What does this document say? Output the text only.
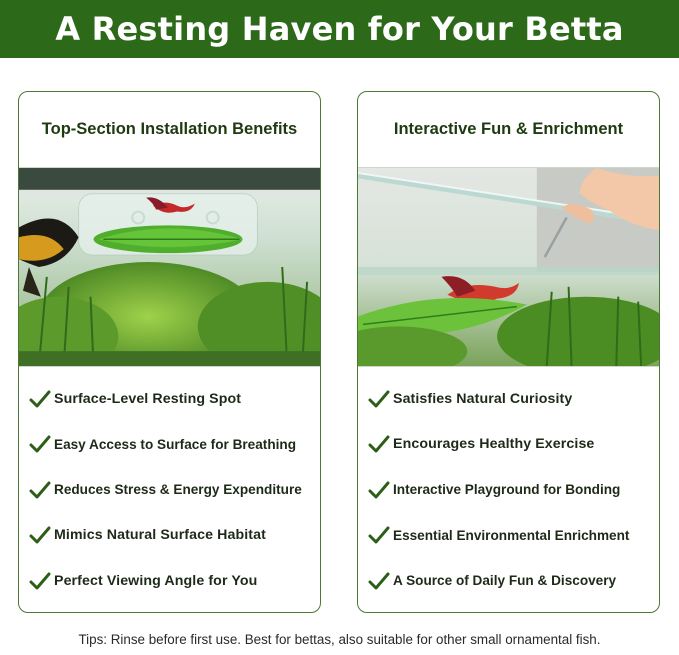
A Resting Haven for Your Betta
Top-Section Installation Benefits
Surface-Level Resting Spot
Easy Access to Surface for Breathing
Reduces Stress & Energy Expenditure
Mimics Natural Surface Habitat
Perfect Viewing Angle for You
Interactive Fun & Enrichment
Satisfies Natural Curiosity
Encourages Healthy Exercise
Interactive Playground for Bonding
Essential Environmental Enrichment
A Source of Daily Fun & Discovery

Tips: Rinse before first use. Best for bettas, also suitable for other small ornamental fish.
